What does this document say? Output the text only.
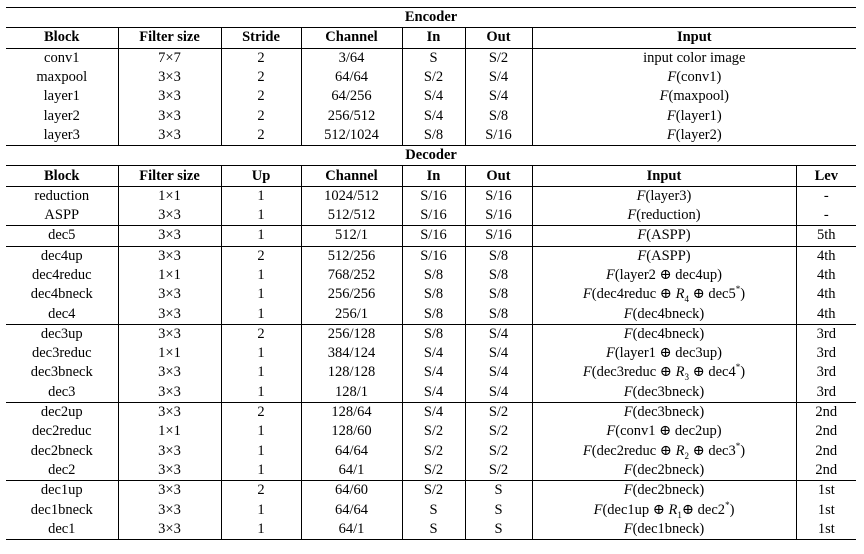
Encoder							
Block	Filter size	Stride	Channel	In	Out	Input	
conv1	7×7	2	3/64	S	S/2	input color image	
maxpool	3×3	2	64/64	S/2	S/4	F(conv1)	
layer1	3×3	2	64/256	S/4	S/4	F(maxpool)	
layer2	3×3	2	256/512	S/4	S/8	F(layer1)	
layer3	3×3	2	512/1024	S/8	S/16	F(layer2)	
Decoder							
Block	Filter size	Up	Channel	In	Out	Input	Lev
reduction	1×1	1	1024/512	S/16	S/16	F(layer3)	-
ASPP	3×3	1	512/512	S/16	S/16	F(reduction)	-
dec5	3×3	1	512/1	S/16	S/16	F(ASPP)	5th
dec4up	3×3	2	512/256	S/16	S/8	F(ASPP)	4th
dec4reduc	1×1	1	768/252	S/8	S/8	F(layer2 ⊕ dec4up)	4th
dec4bneck	3×3	1	256/256	S/8	S/8	F(dec4reduc ⊕ $R_4$ ⊕ dec5*)	4th
dec4	3×3	1	256/1	S/8	S/8	F(dec4bneck)	4th
dec3up	3×3	2	256/128	S/8	S/4	F(dec4bneck)	3rd
dec3reduc	1×1	1	384/124	S/4	S/4	F(layer1 ⊕ dec3up)	3rd
dec3bneck	3×3	1	128/128	S/4	S/4	F(dec3reduc ⊕ $R_3$ ⊕ dec4*)	3rd
dec3	3×3	1	128/1	S/4	S/4	F(dec3bneck)	3rd
dec2up	3×3	2	128/64	S/4	S/2	F(dec3bneck)	2nd
dec2reduc	1×1	1	128/60	S/2	S/2	F(conv1 ⊕ dec2up)	2nd
dec2bneck	3×3	1	64/64	S/2	S/2	F(dec2reduc ⊕ $R_2$ ⊕ dec3*)	2nd
dec2	3×3	1	64/1	S/2	S/2	F(dec2bneck)	2nd
dec1up	3×3	2	64/60	S/2	S	F(dec2bneck)	1st
dec1bneck	3×3	1	64/64	S	S	F(dec1up ⊕ $R_1\oplus$ dec2*)	1st
dec1	3×3	1	64/1	S	S	F(dec1bneck)	1st
